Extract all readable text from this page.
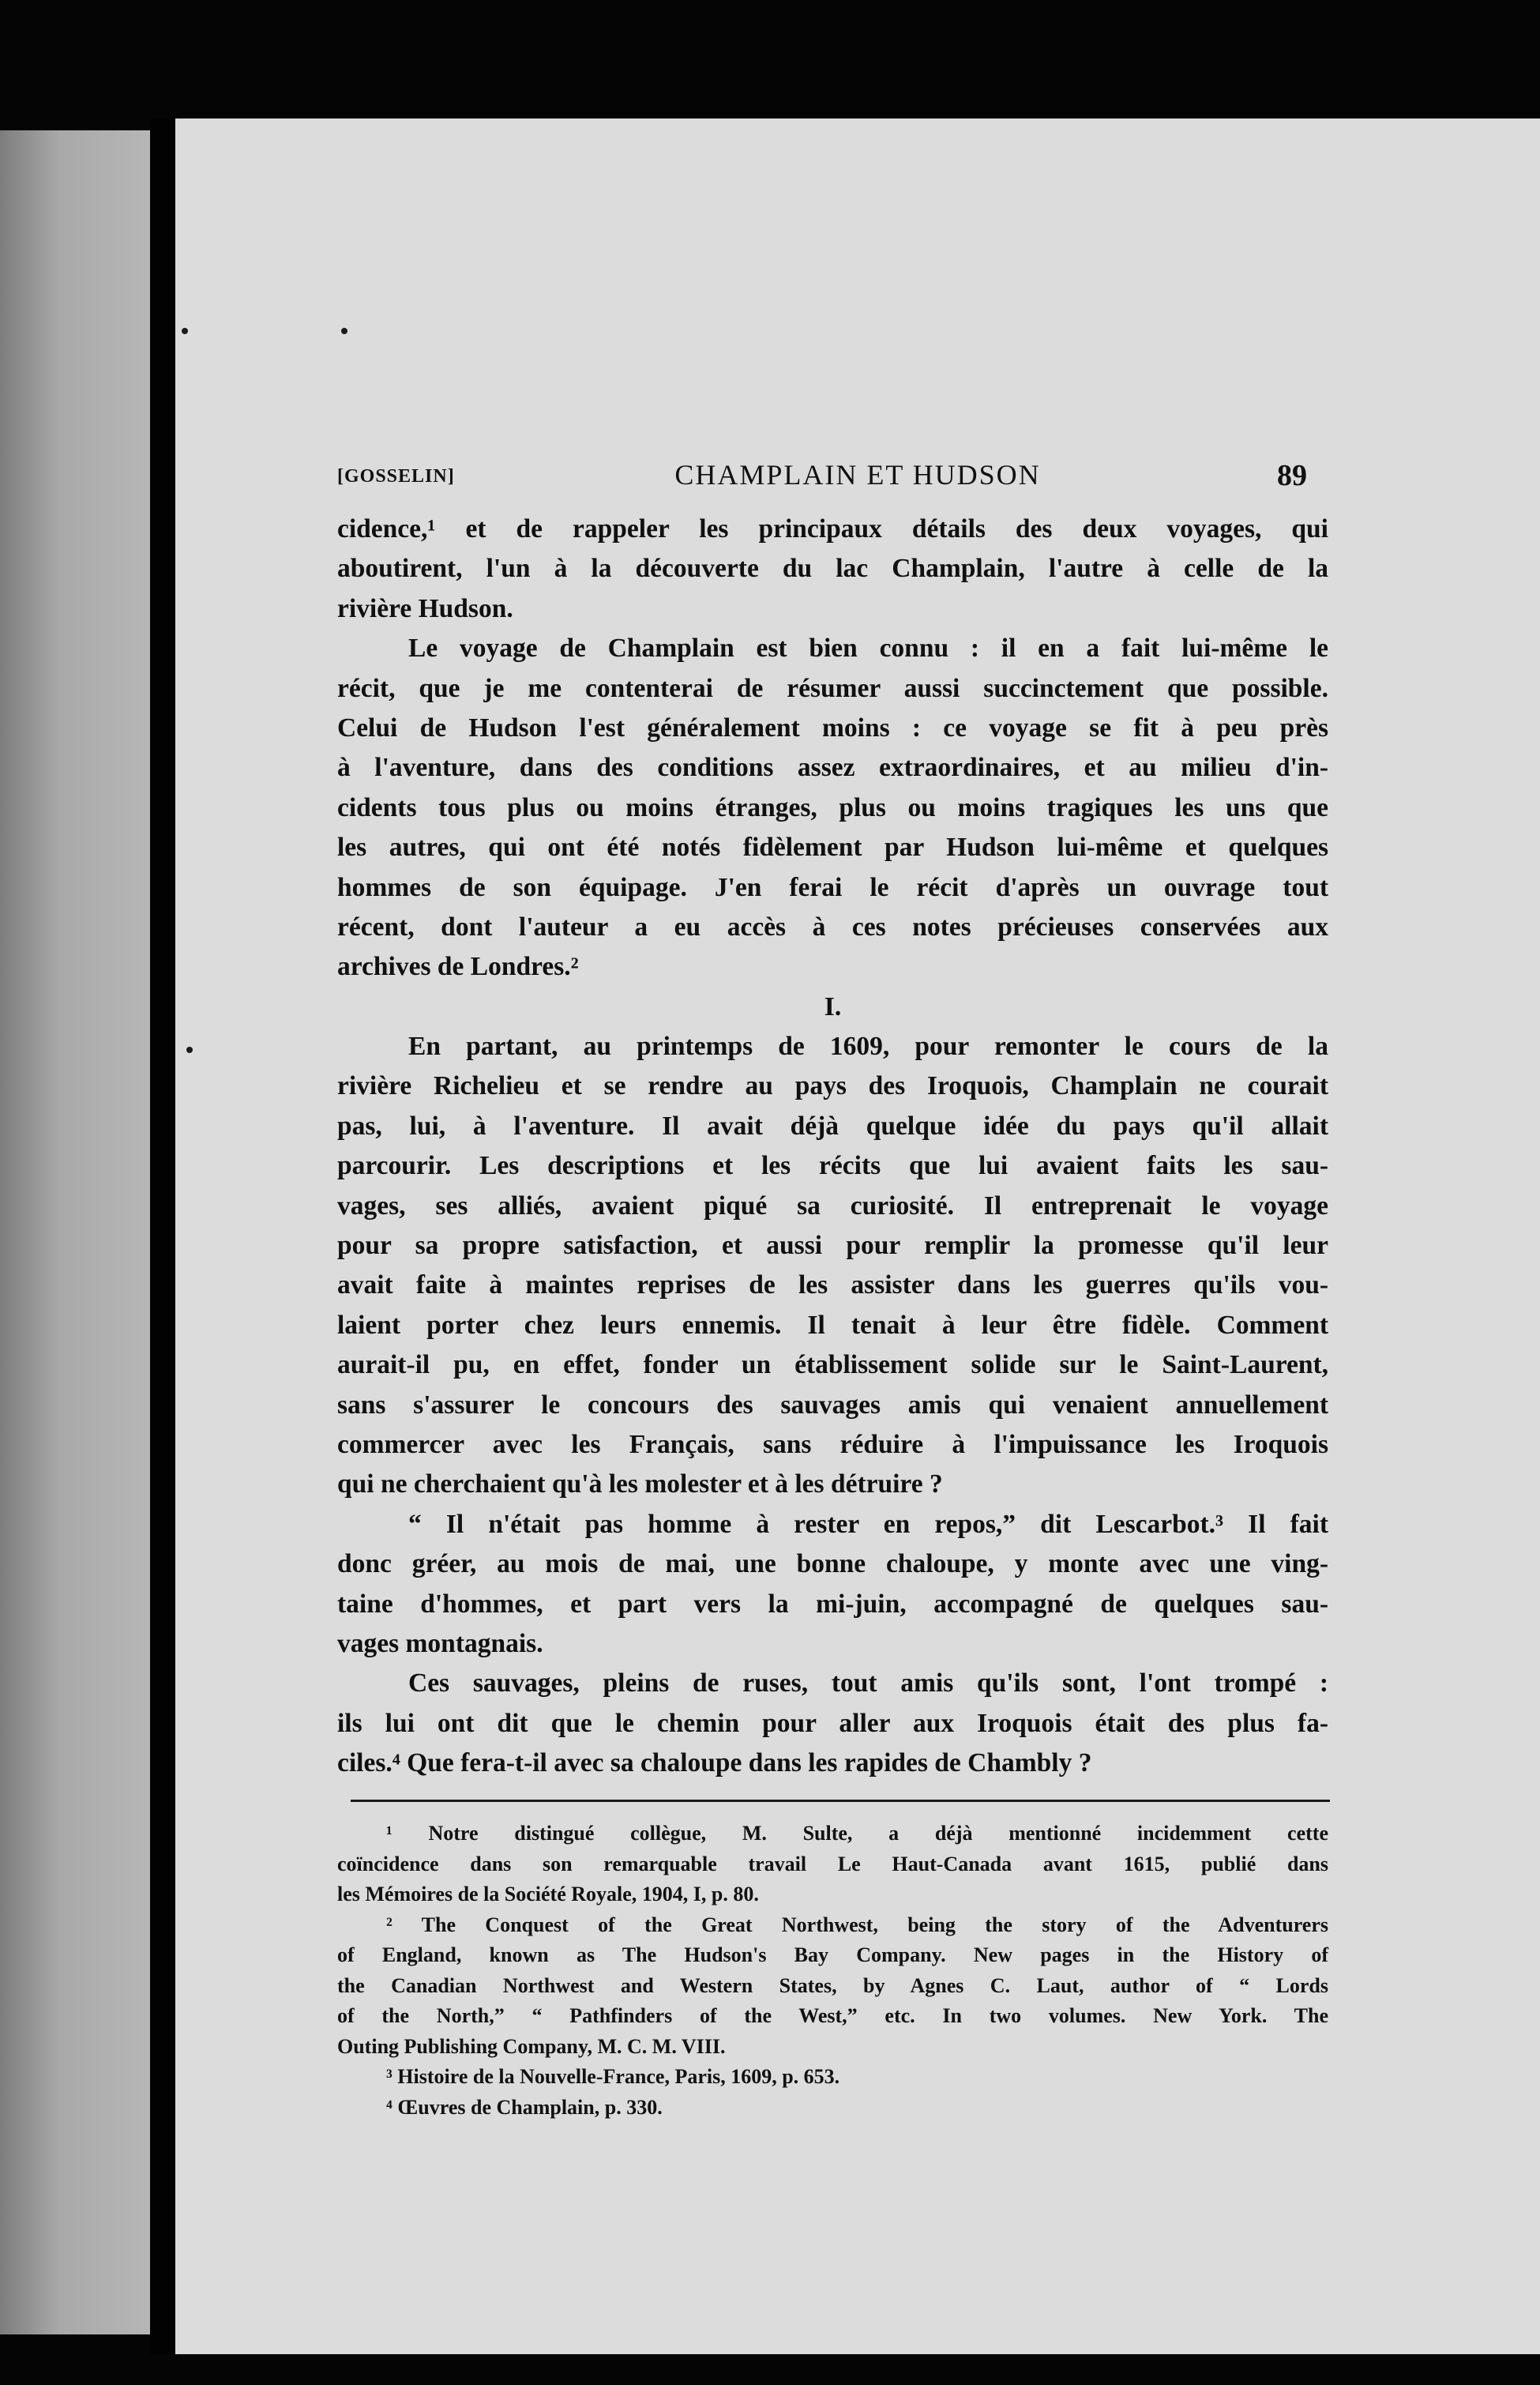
[GOSSELIN]	CHAMPLAIN ET HUDSON	89
cidence,¹ et de rappeler les principaux détails des deux voyages, qui
aboutirent, l'un à la découverte du lac Champlain, l'autre à celle de la
rivière Hudson.
Le voyage de Champlain est bien connu : il en a fait lui-même le
récit, que je me contenterai de résumer aussi succinctement que possible.
Celui de Hudson l'est généralement moins : ce voyage se fit à peu près
à l'aventure, dans des conditions assez extraordinaires, et au milieu d'in-
cidents tous plus ou moins étranges, plus ou moins tragiques les uns que
les autres, qui ont été notés fidèlement par Hudson lui-même et quelques
hommes de son équipage. J'en ferai le récit d'après un ouvrage tout
récent, dont l'auteur a eu accès à ces notes précieuses conservées aux
archives de Londres.²
I.
En partant, au printemps de 1609, pour remonter le cours de la
rivière Richelieu et se rendre au pays des Iroquois, Champlain ne courait
pas, lui, à l'aventure. Il avait déjà quelque idée du pays qu'il allait
parcourir. Les descriptions et les récits que lui avaient faits les sau-
vages, ses alliés, avaient piqué sa curiosité. Il entreprenait le voyage
pour sa propre satisfaction, et aussi pour remplir la promesse qu'il leur
avait faite à maintes reprises de les assister dans les guerres qu'ils vou-
laient porter chez leurs ennemis. Il tenait à leur être fidèle. Comment
aurait-il pu, en effet, fonder un établissement solide sur le Saint-Laurent,
sans s'assurer le concours des sauvages amis qui venaient annuellement
commercer avec les Français, sans réduire à l'impuissance les Iroquois
qui ne cherchaient qu'à les molester et à les détruire ?
“ Il n'était pas homme à rester en repos,” dit Lescarbot.³ Il fait
donc gréer, au mois de mai, une bonne chaloupe, y monte avec une ving-
taine d'hommes, et part vers la mi-juin, accompagné de quelques sau-
vages montagnais.
Ces sauvages, pleins de ruses, tout amis qu'ils sont, l'ont trompé :
ils lui ont dit que le chemin pour aller aux Iroquois était des plus fa-
ciles.⁴ Que fera-t-il avec sa chaloupe dans les rapides de Chambly ?
¹ Notre distingué collègue, M. Sulte, a déjà mentionné incidemment cette
coïncidence dans son remarquable travail Le Haut-Canada avant 1615, publié dans
les Mémoires de la Société Royale, 1904, I, p. 80.
² The Conquest of the Great Northwest, being the story of the Adventurers
of England, known as The Hudson's Bay Company. New pages in the History of
the Canadian Northwest and Western States, by Agnes C. Laut, author of “ Lords
of the North,” “ Pathfinders of the West,” etc. In two volumes. New York. The
Outing Publishing Company, M. C. M. VIII.
³ Histoire de la Nouvelle-France, Paris, 1609, p. 653.
⁴ Œuvres de Champlain, p. 330.
